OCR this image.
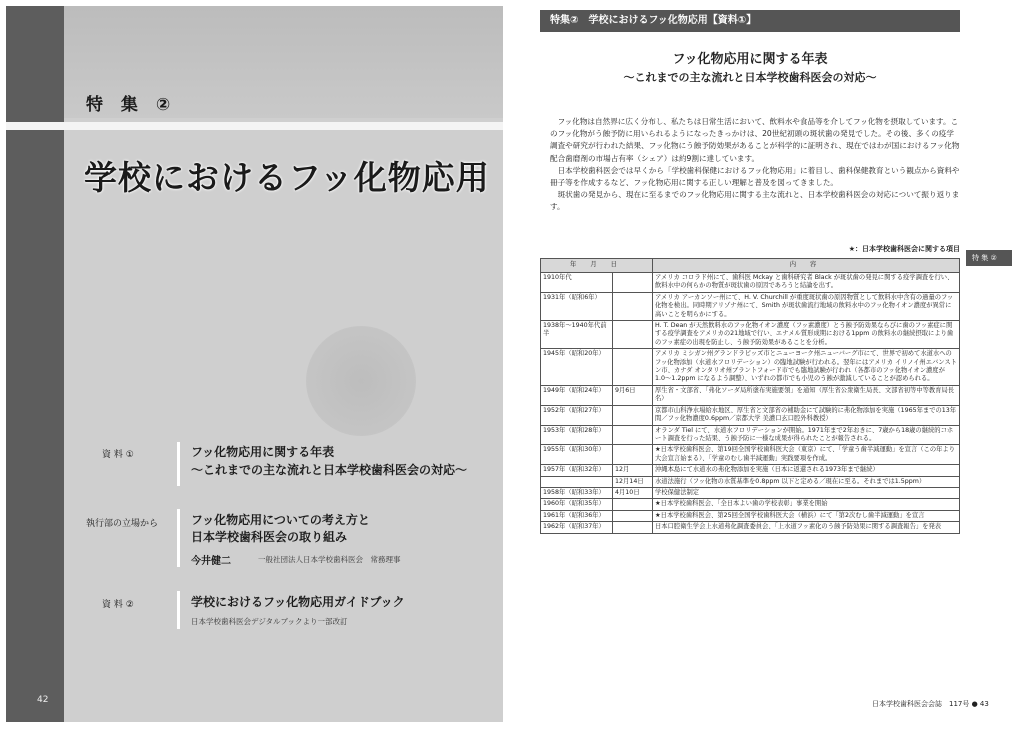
特 集 ②
学校におけるフッ化物応用
資 料 ①	フッ化物応用に関する年表
〜これまでの主な流れと日本学校歯科医会の対応〜
執行部の立場から	フッ化物応用についての考え方と
日本学校歯科医会の取り組み
今井健二	一般社団法人日本学校歯科医会　常務理事
資 料 ②	学校におけるフッ化物応用ガイドブック
日本学校歯科医会デジタルブックより一部改訂
42
特集②　学校におけるフッ化物応用【資料①】
フッ化物応用に関する年表
〜これまでの主な流れと日本学校歯科医会の対応〜

フッ化物は自然界に広く分布し、私たちは日常生活において、飲料水や食品等を介してフッ化物を摂取しています。このフッ化物がう蝕予防に用いられるようになったきっかけは、20世紀初頭の斑状歯の発見でした。その後、多くの疫学調査や研究が行われた結果、フッ化物にう蝕予防効果があることが科学的に証明され、現在ではわが国におけるフッ化物配合歯磨剤の市場占有率（シェア）は約9割に達しています。

日本学校歯科医会では早くから「学校歯科保健におけるフッ化物応用」に着目し、歯科保健教育という観点から資料や冊子等を作成するなど、フッ化物応用に関する正しい理解と普及を図ってきました。

斑状歯の発見から、現在に至るまでのフッ化物応用に関する主な流れと、日本学校歯科医会の対応について振り返ります。

★：日本学校歯科医会に関する項目
特 集 ②
年 月 日		内 容
1910年代		アメリカ コロラド州にて、歯科医 Mckay と歯科研究者 Black が斑状歯の発見に関する疫学調査を行い、飲料水中の何らかの物質が斑状歯の原因であろうと結論を出す。
1931年（昭和6年）		アメリカ アーカンソー州にて、H. V. Churchill が重度斑状歯の原因物質として飲料水中含有の過量のフッ化物を検出。同時期アリゾナ州にて、Smith が斑状歯流行地域の飲料水中のフッ化物イオン濃度が異常に高いことを明らかにする。
1938年〜1940年代前半		H. T. Dean が天然飲料水のフッ化物イオン濃度（フッ素濃度）とう蝕予防効果ならびに歯のフッ素症に関する疫学調査をアメリカの21地域で行い、エナメル質形成期における1ppm の飲料水の継続摂取により歯のフッ素症の出現を防止し、う蝕予防効果があることを分析。
1945年（昭和20年）		アメリカ ミシガン州グランドラピッズ市とニューヨーク州ニューバーグ市にて、世界で初めて水道水へのフッ化物添加（水道水フロリデーション）の臨地試験が行われる。翌年にはアメリカ イリノイ州エバンストン市、カナダ オンタリオ州ブラントフォード市でも臨地試験が行われ（各都市のフッ化物イオン濃度が1.0〜1.2ppm になるよう調整）、いずれの都市でも小児のう蝕が激減していることが認められる。
1949年（昭和24年）	9月6日	厚生省・文部省、「弗化ソーダ局所塗布実施要領」を通知（厚生省公衆衛生局長、文部省初等中等教育局長名）
1952年（昭和27年）		京都市山科浄水場給水地区、厚生省と文部省の補助金にて試験的に弗化物添加を実施（1965年までの13年間／フッ化物濃度0.6ppm／京都大学 美濃口玄口腔外科教授）
1953年（昭和28年）		オランダ Tiel にて、水道水フロリデーションが開始。1971年まで2年おきに、7歳から18歳の継続的コホート調査を行った結果、う蝕予防に一様な成果が得られたことが報告される。
1955年（昭和30年）		★日本学校歯科医会、第19回全国学校歯科医大会（東京）にて、「学童う歯半減運動」を宣言（この年より大会宣言始まる）、「学童のむし歯半減運動」実践要項を作成。
1957年（昭和32年）	12月	沖縄本島にて水道水の弗化物添加を実施（日本に返還される1973年まで継続）
	12月14日	水道法施行（フッ化物の水質基準を0.8ppm 以下と定める／現在に至る。それまでは1.5ppm）
1958年（昭和33年）	4月10日	学校保健法制定
1960年（昭和35年）		★日本学校歯科医会、「全日本よい歯の学校表彰」事業を開始
1961年（昭和36年）		★日本学校歯科医会、第25回全国学校歯科医大会（横浜）にて「第2次むし歯半減運動」を宣言
1962年（昭和37年）		日本口腔衛生学会上水道弗化調査委員会、「上水道フッ素化のう蝕予防効果に関する調査報告」を発表
日本学校歯科医会会誌　117号 ● 43
